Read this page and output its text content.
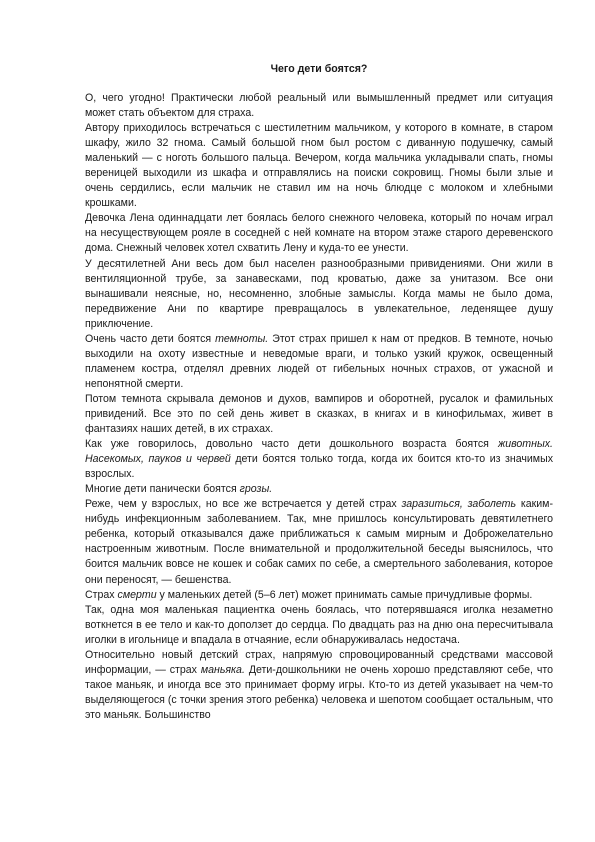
Чего дети боятся?

О, чего угодно! Практически любой реальный или вымышленный предмет или ситуация может стать объектом для страха.

Автору приходилось встречаться с шестилетним мальчиком, у которого в комнате, в старом шкафу, жило 32 гнома. Самый большой гном был ростом с диванную подушечку, самый маленький — с ноготь большого пальца. Вечером, когда мальчика укладывали спать, гномы вереницей выходили из шкафа и отправлялись на поиски сокровищ. Гномы были злые и очень сердились, если мальчик не ставил им на ночь блюдце с молоком и хлебными крошками.

Девочка Лена одиннадцати лет боялась белого снежного человека, который по ночам играл на несуществующем рояле в соседней с ней комнате на втором этаже старого деревенского дома. Снежный человек хотел схватить Лену и куда-то ее унести.

У десятилетней Ани весь дом был населен разнообразными привидениями. Они жили в вентиляционной трубе, за занавесками, под кроватью, даже за унитазом. Все они вынашивали неясные, но, несомненно, злобные замыслы. Когда мамы не было дома, передвижение Ани по квартире превращалось в увлекательное, леденящее душу приключение.

Очень часто дети боятся темноты. Этот страх пришел к нам от предков. В темноте, ночью выходили на охоту известные и неведомые враги, и только узкий кружок, освещенный пламенем костра, отделял древних людей от гибельных ночных страхов, от ужасной и непонятной смерти.

Потом темнота скрывала демонов и духов, вампиров и оборотней, русалок и фамильных привидений. Все это по сей день живет в сказках, в книгах и в кинофильмах, живет в фантазиях наших детей, в их страхах.

Как уже говорилось, довольно часто дети дошкольного возраста боятся животных. Насекомых, пауков и червей дети боятся только тогда, когда их боится кто-то из значимых взрослых.

Многие дети панически боятся грозы.

Реже, чем у взрослых, но все же встречается у детей страх заразиться, заболеть каким-нибудь инфекционным заболеванием. Так, мне пришлось консультировать девятилетнего ребенка, который отказывался даже приближаться к самым мирным и Доброжелательно настроенным животным. После внимательной и продолжительной беседы выяснилось, что боится мальчик вовсе не кошек и собак самих по себе, а смертельного заболевания, которое они переносят, — бешенства.

Страх смерти у маленьких детей (5–6 лет) может принимать самые причудливые формы.

Так, одна моя маленькая пациентка очень боялась, что потерявшаяся иголка незаметно воткнется в ее тело и как-то доползет до сердца. По двадцать раз на дню она пересчитывала иголки в игольнице и впадала в отчаяние, если обнаруживалась недостача.

Относительно новый детский страх, напрямую спровоцированный средствами массовой информации, — страх маньяка. Дети-дошкольники не очень хорошо представляют себе, что такое маньяк, и иногда все это принимает форму игры. Кто-то из детей указывает на чем-то выделяющегося (с точки зрения этого ребенка) человека и шепотом сообщает остальным, что это маньяк. Большинство
